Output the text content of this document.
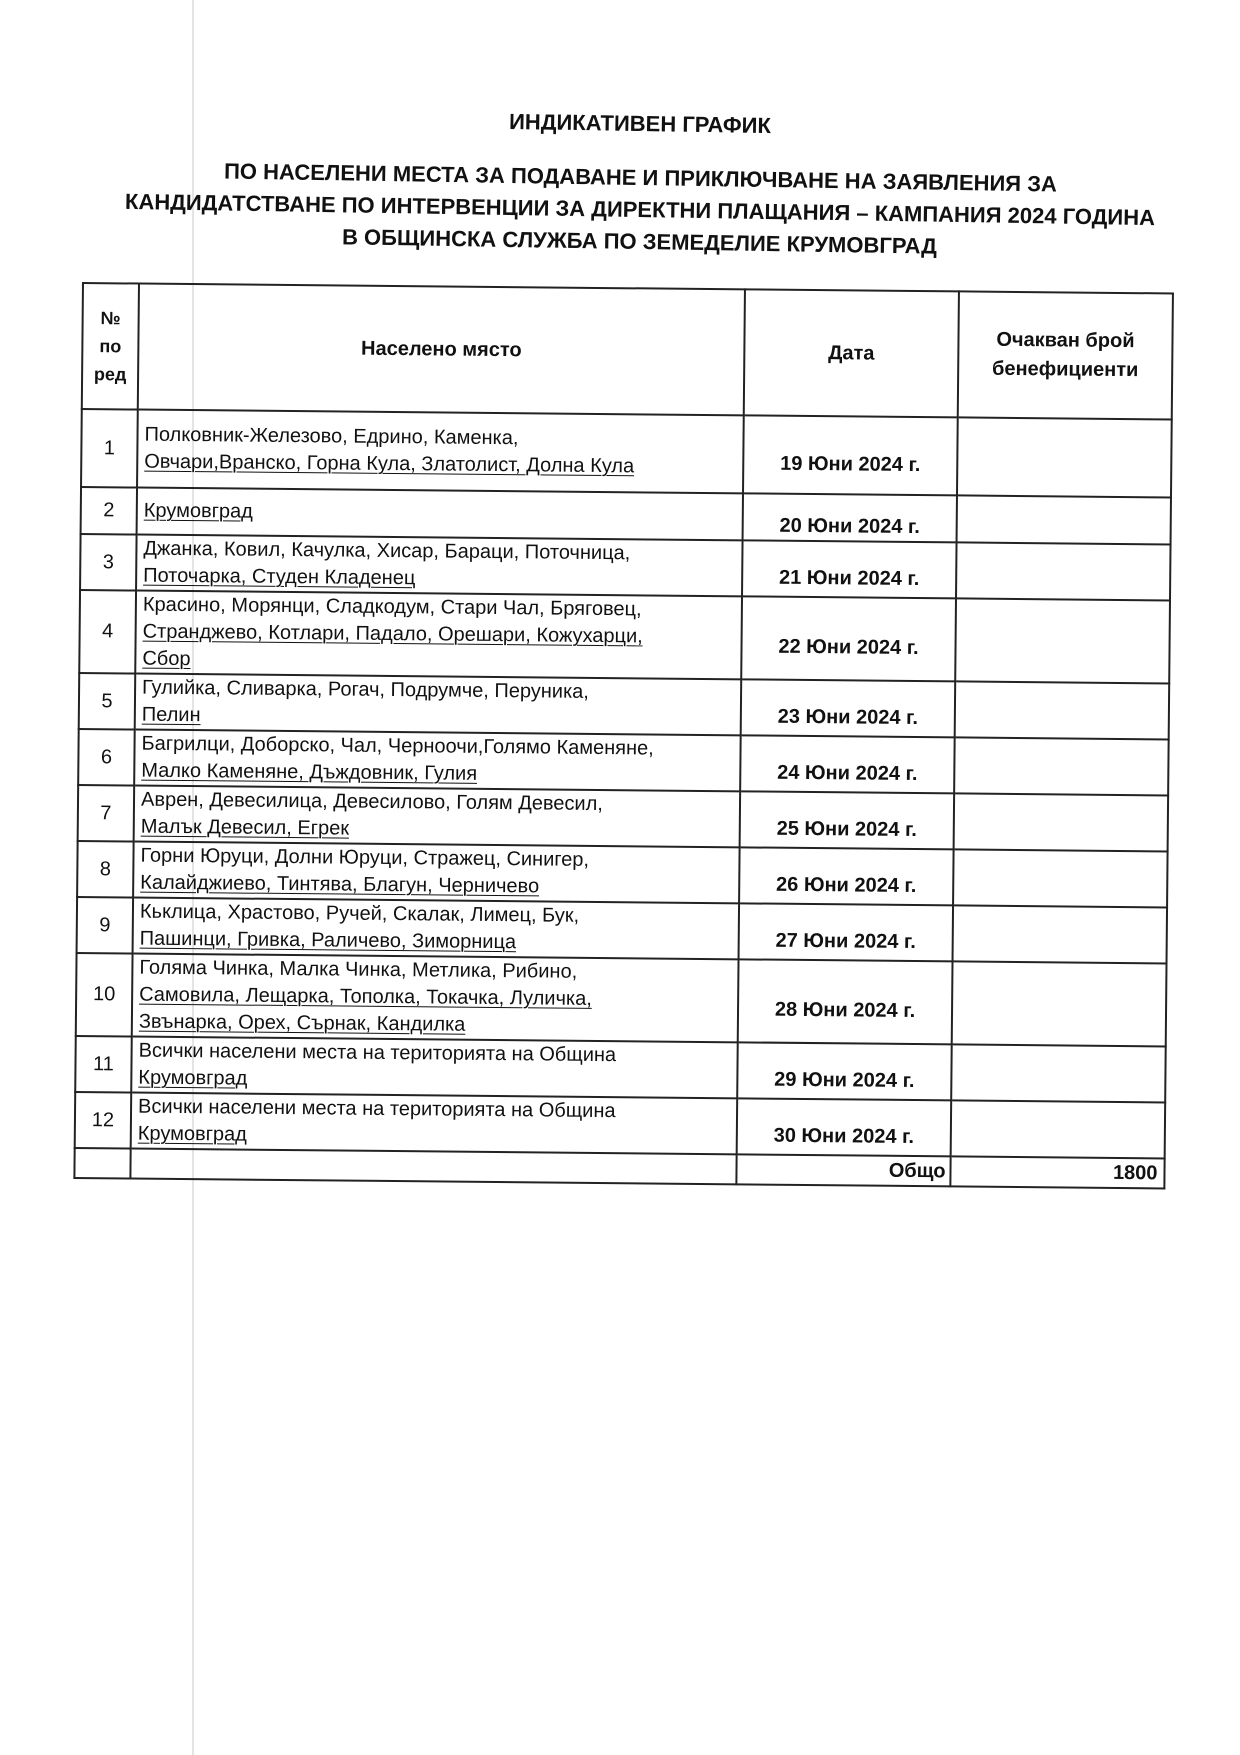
ИНДИКАТИВЕН ГРАФИК
ПО НАСЕЛЕНИ МЕСТА ЗА ПОДАВАНЕ И ПРИКЛЮЧВАНЕ НА ЗАЯВЛЕНИЯ ЗА
КАНДИДАТСТВАНЕ ПО ИНТЕРВЕНЦИИ ЗА ДИРЕКТНИ ПЛАЩАНИЯ – КАМПАНИЯ 2024 ГОДИНА
В ОБЩИНСКА СЛУЖБА ПО ЗЕМЕДЕЛИЕ КРУМОВГРАД
№
по
ред	Населено място	Дата	Очакван брой
бенефициенти

1	Полковник-Железово, Едрино, Каменка,
Овчари,Вранско, Горна Кула, Златолист, Долна Кула	19 Юни 2024 г.	
2	Крумовград	20 Юни 2024 г.	
3	Джанка, Ковил, Качулка, Хисар, Бараци, Поточница,
Поточарка, Студен Кладенец	21 Юни 2024 г.	
4	Красино, Морянци, Сладкодум, Стари Чал, Бряговец,
Странджево, Котлари, Падало, Орешари, Кожухарци,
Сбор	22 Юни 2024 г.	
5	Гулийка, Сливарка, Рогач, Подрумче, Перуника,
Пелин	23 Юни 2024 г.	
6	Багрилци, Доборско, Чал, Черноочи,Голямо Каменяне,
Малко Каменяне, Дъждовник, Гулия	24 Юни 2024 г.	
7	Аврен, Девесилица, Девесилово, Голям Девесил,
Малък Девесил, Егрек	25 Юни 2024 г.	
8	Горни Юруци, Долни Юруци, Стражец, Синигер,
Калайджиево, Тинтява, Благун, Черничево	26 Юни 2024 г.	
9	Кьклица, Храстово, Ручей, Скалак, Лимец, Бук,
Пашинци, Гривка, Раличево, Зиморница	27 Юни 2024 г.	
10	Голяма Чинка, Малка Чинка, Метлика, Рибино,
Самовила, Лещарка, Тополка, Токачка, Луличка,
Звънарка, Орех, Сърнак, Кандилка	28 Юни 2024 г.	
11	Всички населени места на територията на Община
Крумовград	29 Юни 2024 г.	
12	Всички населени места на територията на Община
Крумовград	30 Юни 2024 г.	
		Общо	1800
